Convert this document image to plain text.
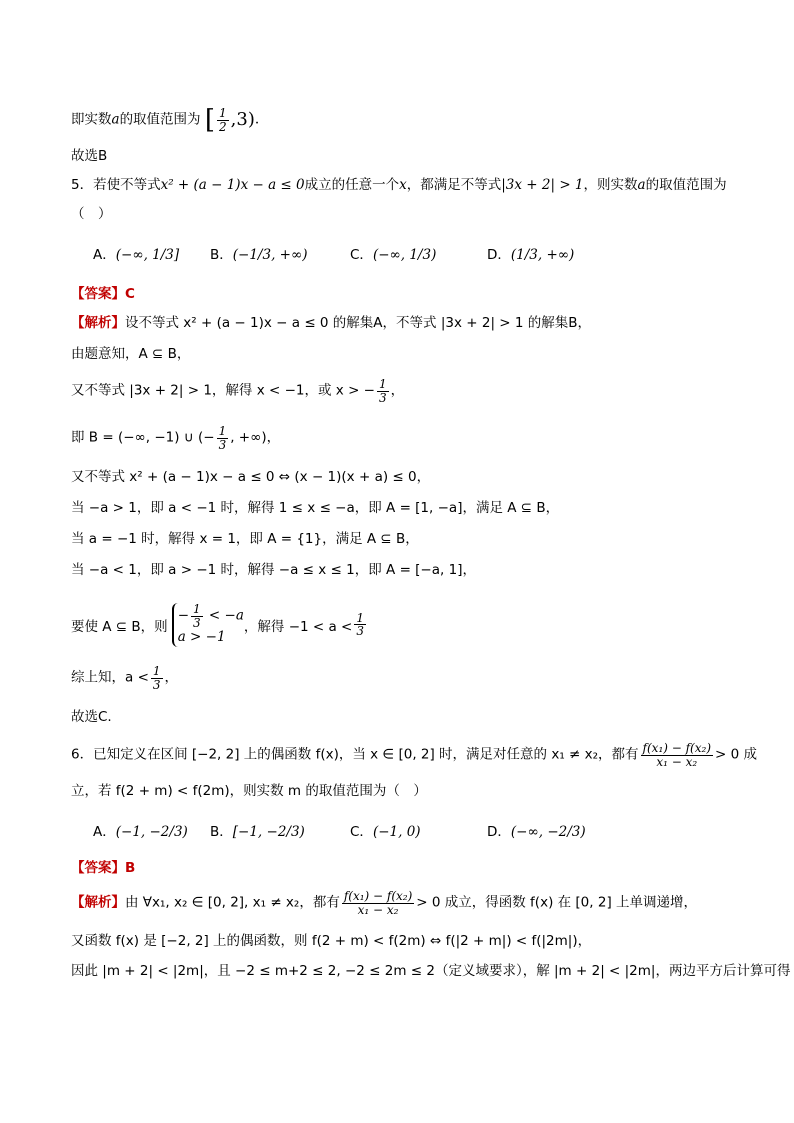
即实数a的取值范围为 [ $\frac{1}{2} ,3$).
故选B
5．若使不等式x² + (a − 1)x − a ≤ 0成立的任意一个x，都满足不等式|3x + 2| > 1，则实数a的取值范围为
（　）
A．(−∞, 1/3] B．(−1/3, +∞)	C．(−∞, 1/3)	D．(1/3, +∞)
【答案】C
【解析】设不等式 x² + (a − 1)x − a ≤ 0 的解集A，不等式 |3x + 2| > 1 的解集B，
由题意知，A ⊆ B，
又不等式 |3x + 2| > 1，解得 x < −1，或 x > − $\frac{1}{3}$ ，
即 B = (−∞, −1) ∪ (− $\frac{1}{3}$ , +∞)，
又不等式 x² + (a − 1)x − a ≤ 0 ⇔ (x − 1)(x + a) ≤ 0，
当 −a > 1，即 a < −1 时，解得 1 ≤ x ≤ −a，即 A = [1, −a]，满足 A ⊆ B，
当 a = −1 时，解得 x = 1，即 A = {1}，满足 A ⊆ B，
当 −a < 1，即 a > −1 时，解得 −a ≤ x ≤ 1，即 A = [−a, 1]，
要使 A ⊆ B，则
− $\frac{1}{3} < -a$
a > −1
，解得 $-1 < a < \frac{1}{3}$
综上知，$a < \frac{1}{3}$ ，
故选C.
6．已知定义在区间 [−2, 2] 上的偶函数 f(x)，当 x ∈ [0, 2] 时，满足对任意的 x₁ ≠ x₂，都有 $\frac{\text{f(x₁) − f(x₂)}}{\text{x₁ − x₂}} > 0$ 成
立，若 f(2 + m) < f(2m)，则实数 m 的取值范围为（　）
A．(−1, −2/3) B．[−1, −2/3)	C．(−1, 0)	D．(−∞, −2/3)
【答案】B
【解析】由 ∀x₁, x₂ ∈ [0, 2], x₁ ≠ x₂，都有 $\frac{\text{f(x₁) − f(x₂)}}{\text{x₁ − x₂}} > 0$ 成立，得函数 f(x) 在 [0, 2] 上单调递增，
又函数 f(x) 是 [−2, 2] 上的偶函数，则 f(2 + m) < f(2m) ⇔ f(|2 + m|) < f(|2m|)，
因此 |m + 2| < |2m|，且 −2 ≤ m+2 ≤ 2, −2 ≤ 2m ≤ 2（定义域要求），解 |m + 2| < |2m|，两边平方后计算可得
